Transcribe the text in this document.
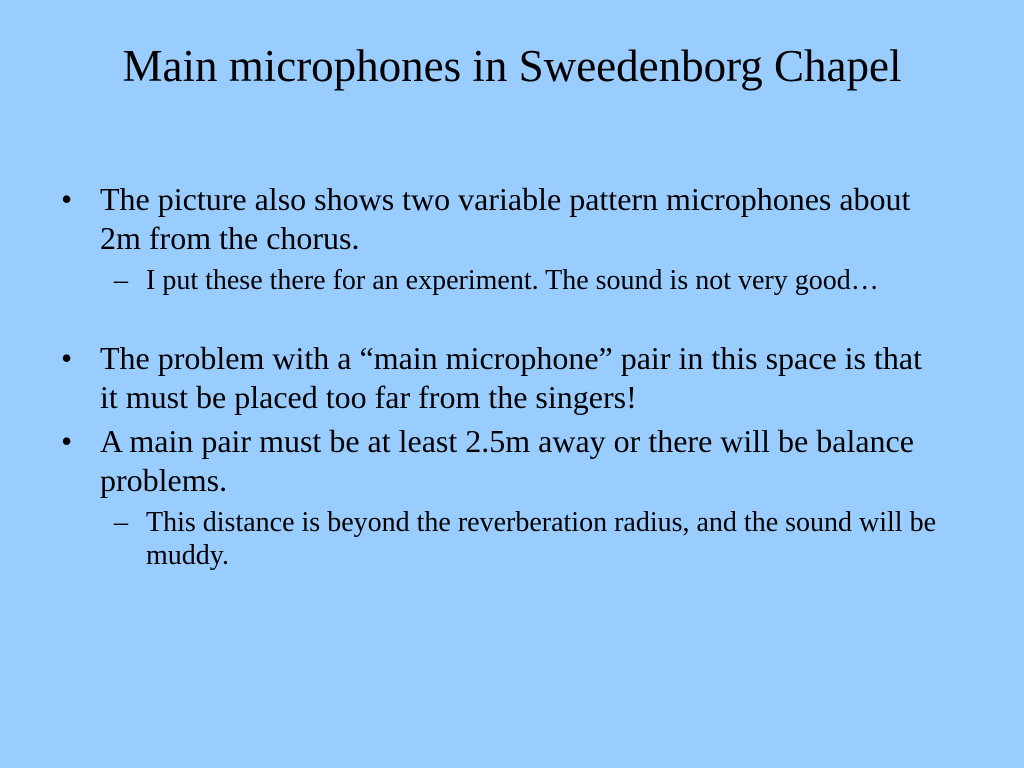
Main microphones in Sweedenborg Chapel
• The picture also shows two variable pattern microphones about 2m from the chorus.
– I put these there for an experiment. The sound is not very good…
• The problem with a “main microphone” pair in this space is that it must be placed too far from the singers!
• A main pair must be at least 2.5m away or there will be balance problems.
– This distance is beyond the reverberation radius, and the sound will be muddy.
